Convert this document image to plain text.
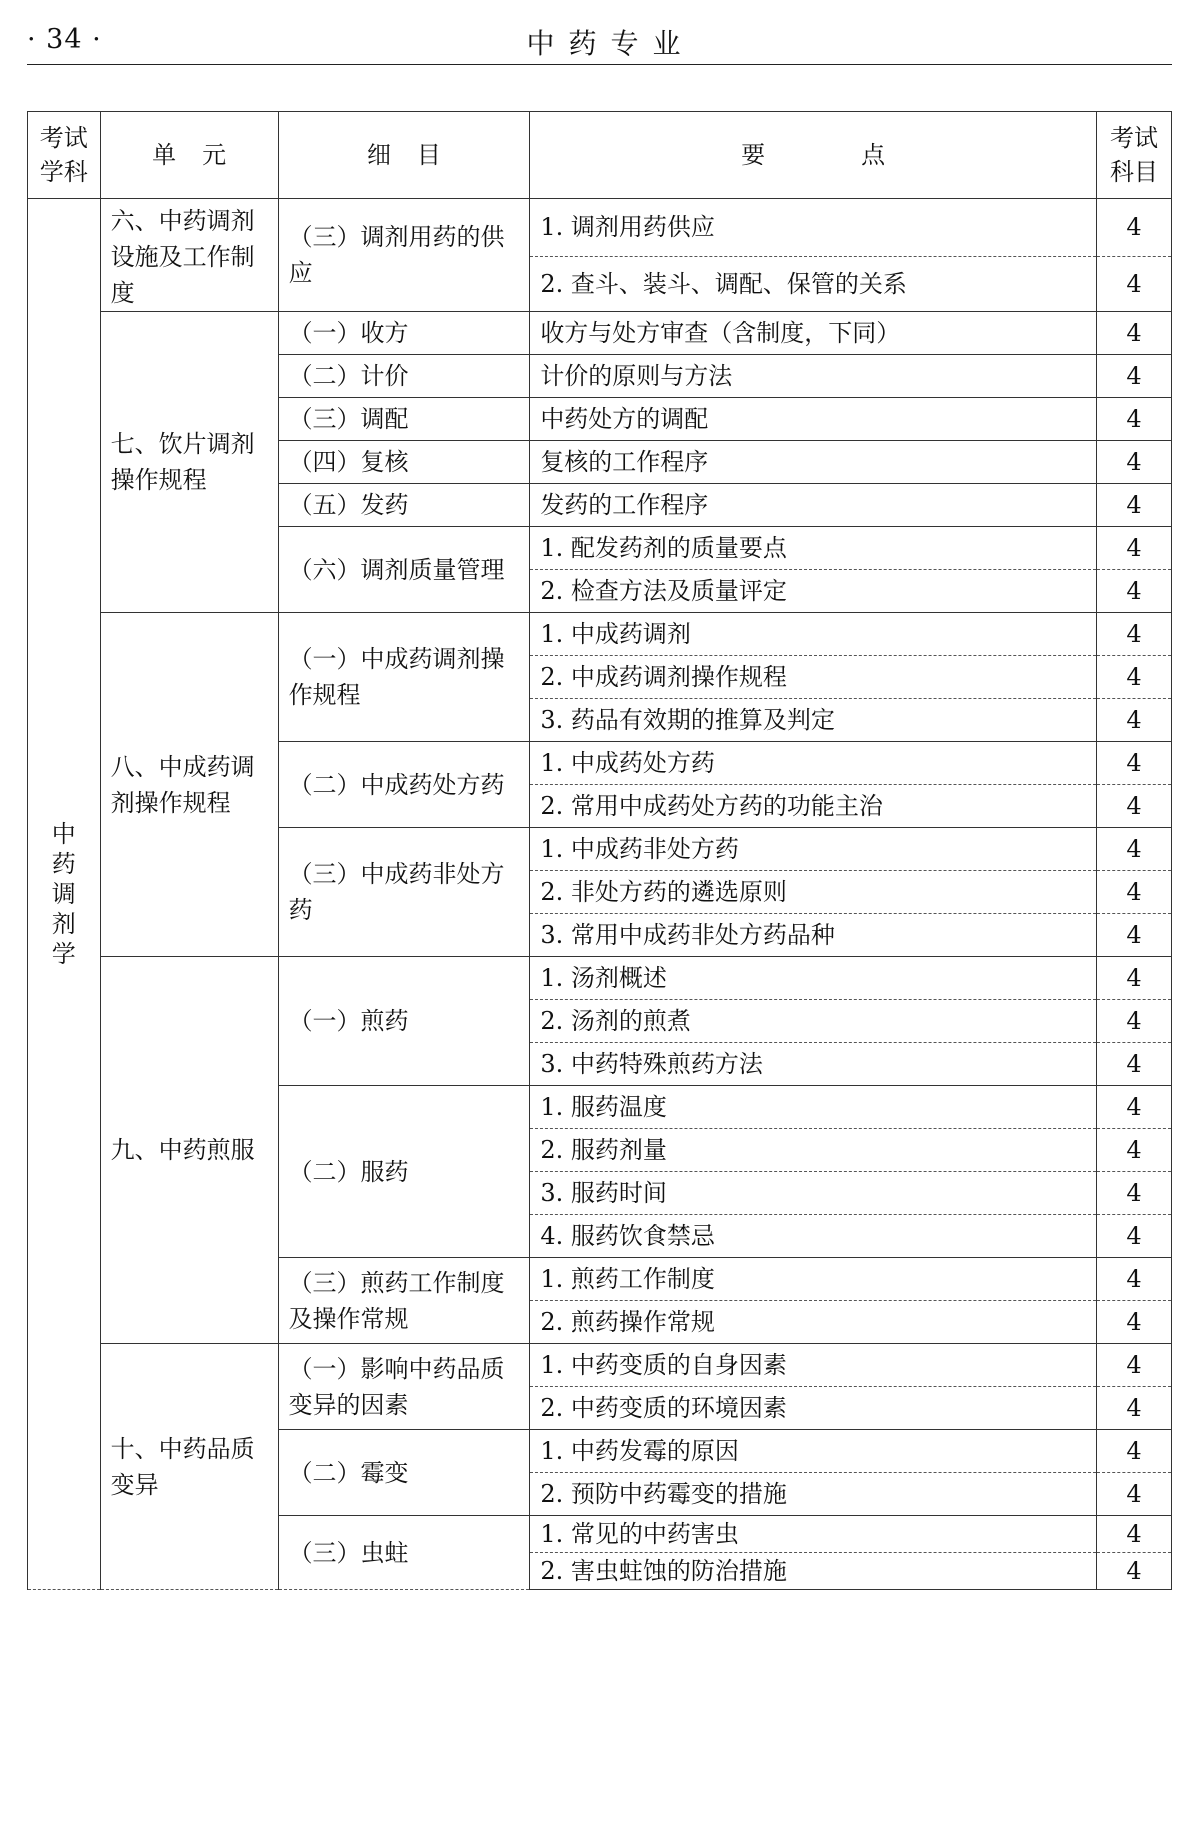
· 34 ·	中药专业
考试
学科	单元	细目	要点	考试
科目

中药调剂学	六、中药调剂设施及工作制度	（三）调剂用药的供应	1. 调剂用药供应	4
			2. 查斗、装斗、调配、保管的关系	4
	七、饮片调剂操作规程	（一）收方	收方与处方审查（含制度，下同）	4
		（二）计价	计价的原则与方法	4
		（三）调配	中药处方的调配	4
		（四）复核	复核的工作程序	4
		（五）发药	发药的工作程序	4
		（六）调剂质量管理	1. 配发药剂的质量要点	4
			2. 检查方法及质量评定	4
	八、中成药调剂操作规程	（一）中成药调剂操作规程	1. 中成药调剂	4
			2. 中成药调剂操作规程	4
			3. 药品有效期的推算及判定	4
		（二）中成药处方药	1. 中成药处方药	4
			2. 常用中成药处方药的功能主治	4
		（三）中成药非处方药	1. 中成药非处方药	4
			2. 非处方药的遴选原则	4
			3. 常用中成药非处方药品种	4
	九、中药煎服	（一）煎药	1. 汤剂概述	4
			2. 汤剂的煎煮	4
			3. 中药特殊煎药方法	4
		（二）服药	1. 服药温度	4
			2. 服药剂量	4
			3. 服药时间	4
			4. 服药饮食禁忌	4
		（三）煎药工作制度及操作常规	1. 煎药工作制度	4
			2. 煎药操作常规	4
	十、中药品质变异	（一）影响中药品质变异的因素	1. 中药变质的自身因素	4
			2. 中药变质的环境因素	4
		（二）霉变	1. 中药发霉的原因	4
			2. 预防中药霉变的措施	4
		（三）虫蛀	1. 常见的中药害虫	4
			2. 害虫蛀蚀的防治措施	4
